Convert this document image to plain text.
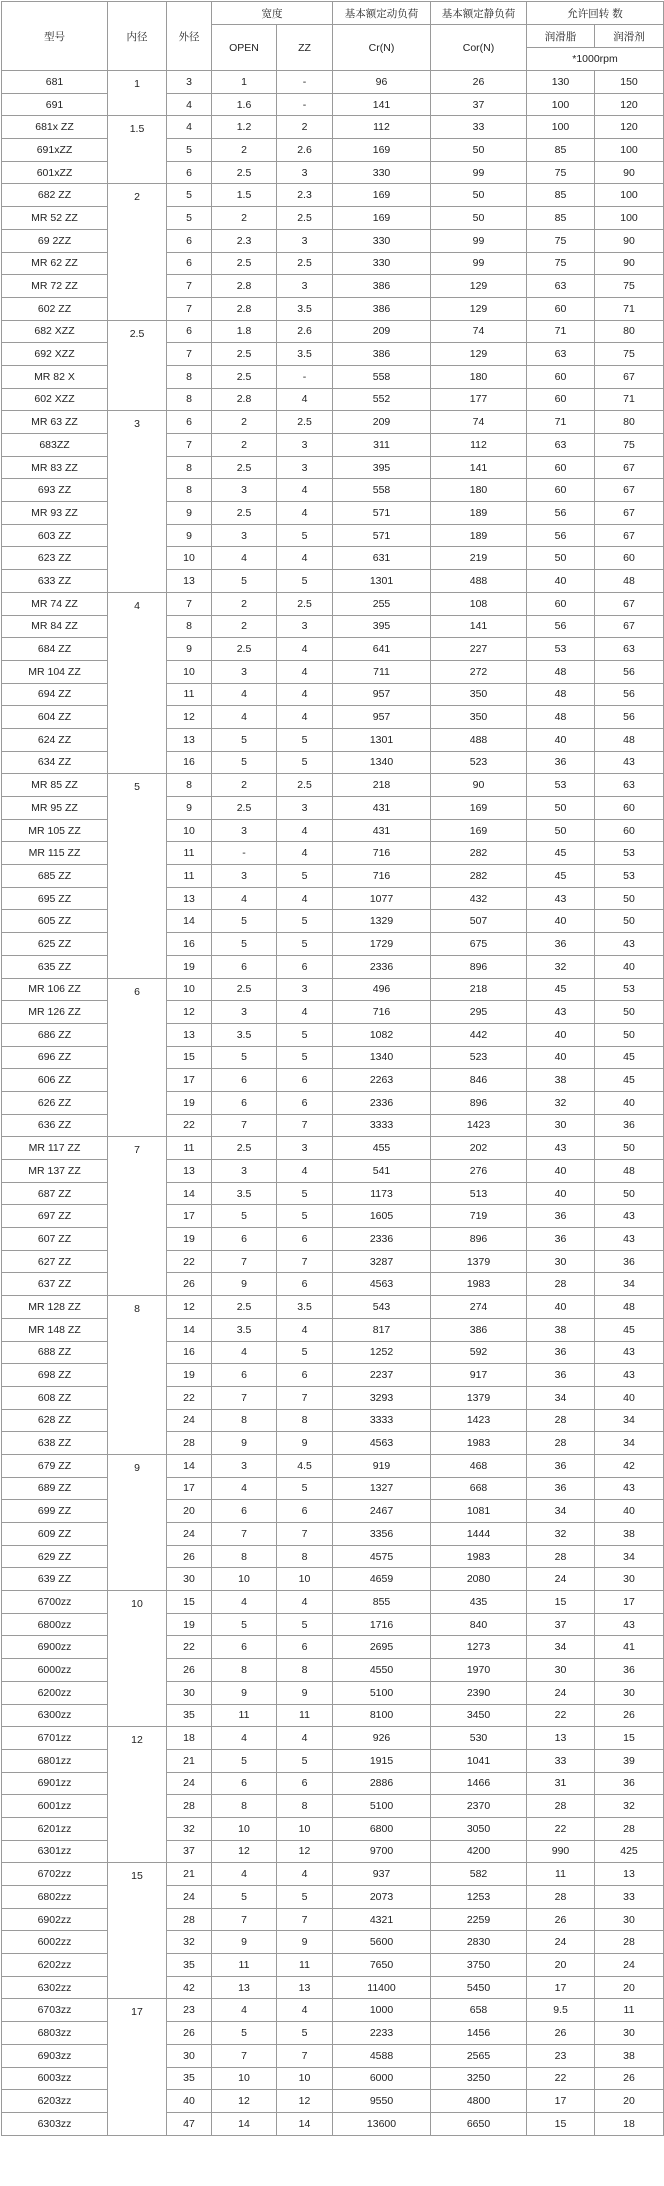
型号	内径	外径	宽度		基本额定动负荷	基本额定静负荷	允许回转 数	
			OPEN	ZZ	Cr(N)	Cor(N)	润滑脂	润滑剂
							*1000rpm	
681	1	3	1	-	96	26	130	150
691		4	1.6	-	141	37	100	120
681x ZZ	1.5	4	1.2	2	112	33	100	120
691xZZ		5	2	2.6	169	50	85	100
601xZZ		6	2.5	3	330	99	75	90
682 ZZ	2	5	1.5	2.3	169	50	85	100
MR 52 ZZ		5	2	2.5	169	50	85	100
69 2ZZ		6	2.3	3	330	99	75	90
MR 62 ZZ		6	2.5	2.5	330	99	75	90
MR 72 ZZ		7	2.8	3	386	129	63	75
602 ZZ		7	2.8	3.5	386	129	60	71
682 XZZ	2.5	6	1.8	2.6	209	74	71	80
692 XZZ		7	2.5	3.5	386	129	63	75
MR 82 X		8	2.5	-	558	180	60	67
602 XZZ		8	2.8	4	552	177	60	71
MR 63 ZZ	3	6	2	2.5	209	74	71	80
683ZZ		7	2	3	311	112	63	75
MR 83 ZZ		8	2.5	3	395	141	60	67
693 ZZ		8	3	4	558	180	60	67
MR 93 ZZ		9	2.5	4	571	189	56	67
603 ZZ		9	3	5	571	189	56	67
623 ZZ		10	4	4	631	219	50	60
633 ZZ		13	5	5	1301	488	40	48
MR 74 ZZ	4	7	2	2.5	255	108	60	67
MR 84 ZZ		8	2	3	395	141	56	67
684 ZZ		9	2.5	4	641	227	53	63
MR 104 ZZ		10	3	4	711	272	48	56
694 ZZ		11	4	4	957	350	48	56
604 ZZ		12	4	4	957	350	48	56
624 ZZ		13	5	5	1301	488	40	48
634 ZZ		16	5	5	1340	523	36	43
MR 85 ZZ	5	8	2	2.5	218	90	53	63
MR 95 ZZ		9	2.5	3	431	169	50	60
MR 105 ZZ		10	3	4	431	169	50	60
MR 115 ZZ		11	-	4	716	282	45	53
685 ZZ		11	3	5	716	282	45	53
695 ZZ		13	4	4	1077	432	43	50
605 ZZ		14	5	5	1329	507	40	50
625 ZZ		16	5	5	1729	675	36	43
635 ZZ		19	6	6	2336	896	32	40
MR 106 ZZ	6	10	2.5	3	496	218	45	53
MR 126 ZZ		12	3	4	716	295	43	50
686 ZZ		13	3.5	5	1082	442	40	50
696 ZZ		15	5	5	1340	523	40	45
606 ZZ		17	6	6	2263	846	38	45
626 ZZ		19	6	6	2336	896	32	40
636 ZZ		22	7	7	3333	1423	30	36
MR 117 ZZ	7	11	2.5	3	455	202	43	50
MR 137 ZZ		13	3	4	541	276	40	48
687 ZZ		14	3.5	5	1173	513	40	50
697 ZZ		17	5	5	1605	719	36	43
607 ZZ		19	6	6	2336	896	36	43
627 ZZ		22	7	7	3287	1379	30	36
637 ZZ		26	9	6	4563	1983	28	34
MR 128 ZZ	8	12	2.5	3.5	543	274	40	48
MR 148 ZZ		14	3.5	4	817	386	38	45
688 ZZ		16	4	5	1252	592	36	43
698 ZZ		19	6	6	2237	917	36	43
608 ZZ		22	7	7	3293	1379	34	40
628 ZZ		24	8	8	3333	1423	28	34
638 ZZ		28	9	9	4563	1983	28	34
679 ZZ	9	14	3	4.5	919	468	36	42
689 ZZ		17	4	5	1327	668	36	43
699 ZZ		20	6	6	2467	1081	34	40
609 ZZ		24	7	7	3356	1444	32	38
629 ZZ		26	8	8	4575	1983	28	34
639 ZZ		30	10	10	4659	2080	24	30
6700zz	10	15	4	4	855	435	15	17
6800zz		19	5	5	1716	840	37	43
6900zz		22	6	6	2695	1273	34	41
6000zz		26	8	8	4550	1970	30	36
6200zz		30	9	9	5100	2390	24	30
6300zz		35	11	11	8100	3450	22	26
6701zz	12	18	4	4	926	530	13	15
6801zz		21	5	5	1915	1041	33	39
6901zz		24	6	6	2886	1466	31	36
6001zz		28	8	8	5100	2370	28	32
6201zz		32	10	10	6800	3050	22	28
6301zz		37	12	12	9700	4200	990	425
6702zz	15	21	4	4	937	582	11	13
6802zz		24	5	5	2073	1253	28	33
6902zz		28	7	7	4321	2259	26	30
6002zz		32	9	9	5600	2830	24	28
6202zz		35	11	11	7650	3750	20	24
6302zz		42	13	13	11400	5450	17	20
6703zz	17	23	4	4	1000	658	9.5	11
6803zz		26	5	5	2233	1456	26	30
6903zz		30	7	7	4588	2565	23	38
6003zz		35	10	10	6000	3250	22	26
6203zz		40	12	12	9550	4800	17	20
6303zz		47	14	14	13600	6650	15	18
